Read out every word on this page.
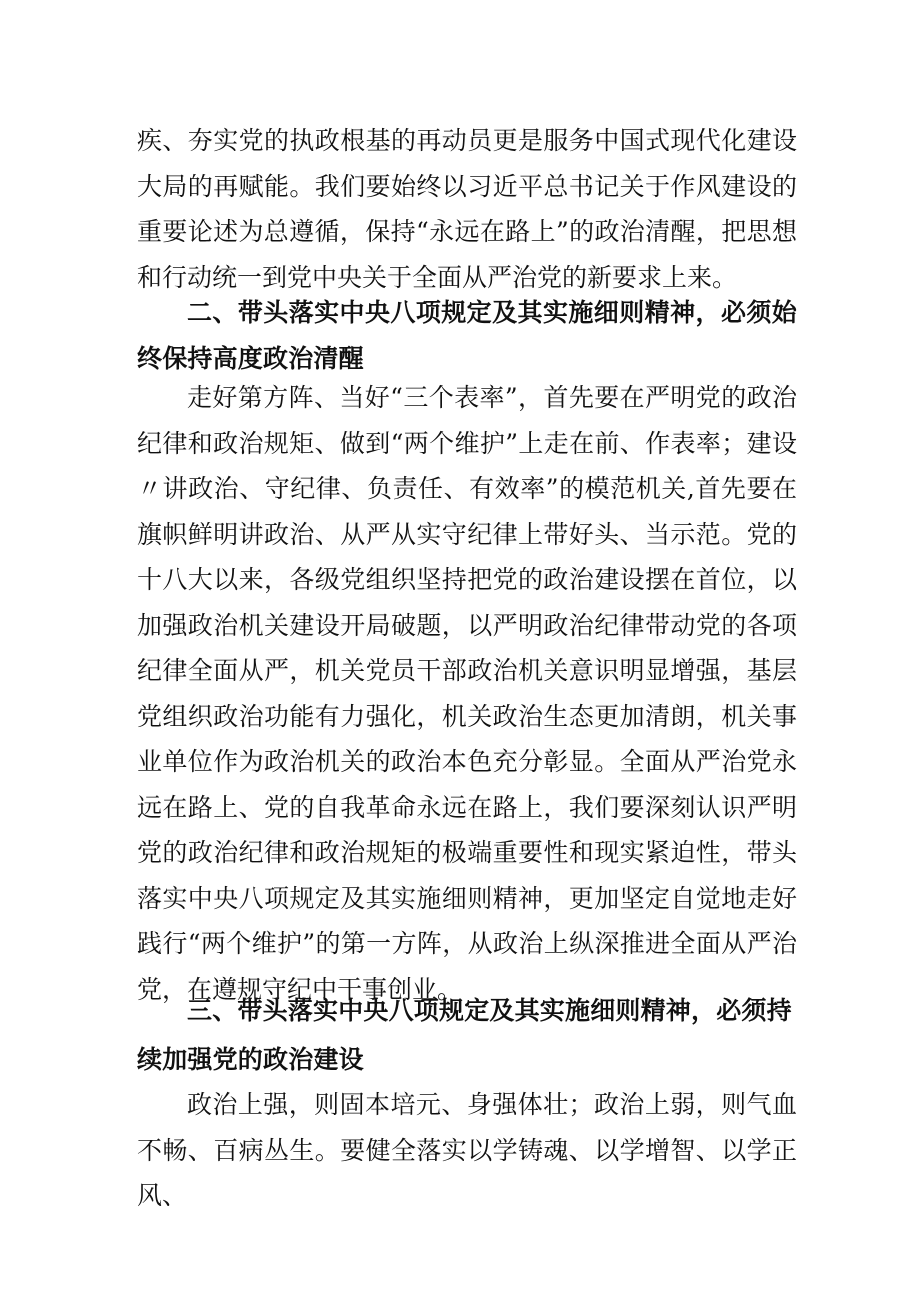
疾、夯实党的执政根基的再动员更是服务中国式现代化建设大局的再赋能。我们要始终以习近平总书记关于作风建设的重要论述为总遵循，保持“永远在路上”的政治清醒，把思想和行动统一到党中央关于全面从严治党的新要求上来。

二、带头落实中央八项规定及其实施细则精神，必须始终保持高度政治清醒

走好第方阵、当好“三个表率”，首先要在严明党的政治纪律和政治规矩、做到“两个维护”上走在前、作表率；建设〃讲政治、守纪律、负责任、有效率”的模范机关,首先要在旗帜鲜明讲政治、从严从实守纪律上带好头、当示范。党的十八大以来，各级党组织坚持把党的政治建设摆在首位，以加强政治机关建设开局破题，以严明政治纪律带动党的各项纪律全面从严，机关党员干部政治机关意识明显增强，基层党组织政治功能有力强化，机关政治生态更加清朗，机关事业单位作为政治机关的政治本色充分彰显。全面从严治党永远在路上、党的自我革命永远在路上，我们要深刻认识严明党的政治纪律和政治规矩的极端重要性和现实紧迫性，带头落实中央八项规定及其实施细则精神，更加坚定自觉地走好践行“两个维护”的第一方阵，从政治上纵深推进全面从严治党，在遵规守纪中干事创业。

三、带头落实中央八项规定及其实施细则精神，必须持

续加强党的政治建设

政治上强，则固本培元、身强体壮；政治上弱，则气血不畅、百病丛生。要健全落实以学铸魂、以学增智、以学正风、
